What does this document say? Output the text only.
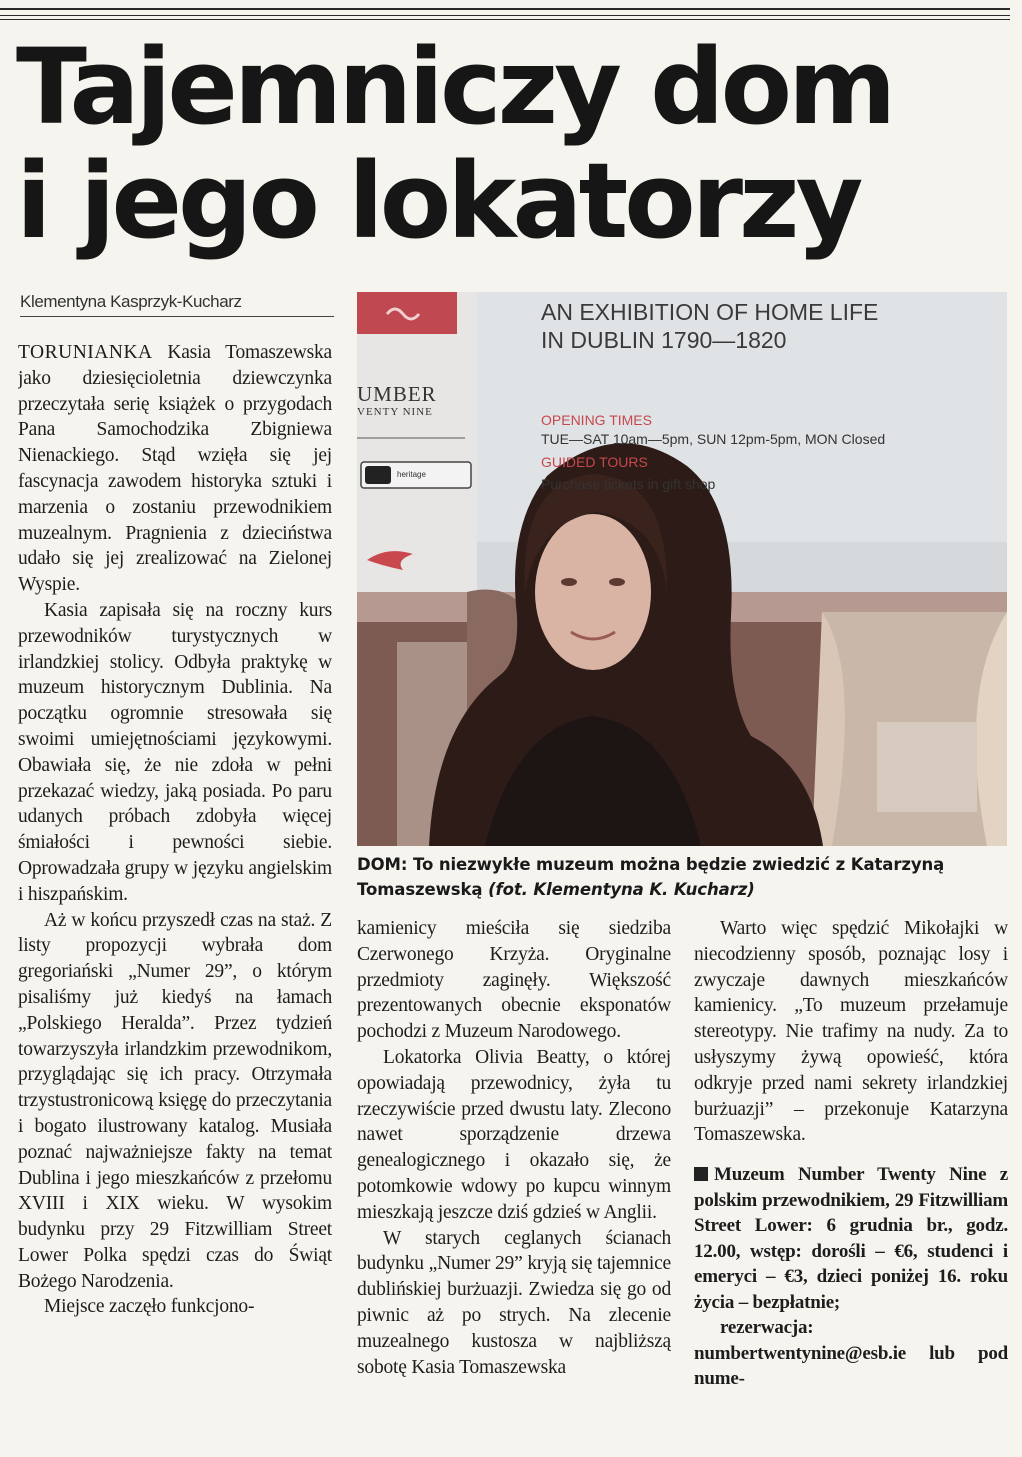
Tajemniczy dom
i jego lokatorzy
Klementyna Kasprzyk-Kucharz

TORUNIANKA Kasia Tomaszewska jako dziesięcioletnia dziewczynka przeczytała serię książek o przygodach Pana Samochodzika Zbigniewa Nienackiego. Stąd wzięła się jej fascynacja zawodem historyka sztuki i marzenia o zostaniu przewodnikiem muzealnym. Pragnienia z dzieciństwa udało się jej zrealizować na Zielonej Wyspie.

Kasia zapisała się na roczny kurs przewodników turystycznych w irlandzkiej stolicy. Odbyła praktykę w muzeum historycznym Dublinia. Na początku ogromnie stresowała się swoimi umiejętnościami językowymi. Obawiała się, że nie zdoła w pełni przekazać wiedzy, jaką posiada. Po paru udanych próbach zdobyła więcej śmiałości i pewności siebie. Oprowadzała grupy w języku angielskim i hiszpańskim.

Aż w końcu przyszedł czas na staż. Z listy propozycji wybrała dom gregoriański „Numer 29”, o którym pisaliśmy już kiedyś na łamach „Polskiego Heralda”. Przez tydzień towarzyszyła irlandzkim przewodnikom, przyglądając się ich pracy. Otrzymała trzystustronicową księgę do przeczytania i bogato ilustrowany katalog. Musiała poznać najważniejsze fakty na temat Dublina i jego mieszkańców z przełomu XVIII i XIX wieku. W wysokim budynku przy 29 Fitzwilliam Street Lower Polka spędzi czas do Świąt Bożego Narodzenia.

Miejsce zaczęło funkcjono-

AN EXHIBITION OF HOME LIFE
IN DUBLIN 1790—1820

OPENING TIMES
TUE—SAT 10am—5pm, SUN 12pm-5pm, MON Closed
GUIDED TOURS
Purchase tickets in gift shop
UMBER
VENTY NINE
heritage
DOM: To niezwykłe muzeum można będzie zwiedzić z Katarzyną Tomaszewską (fot. Klementyna K. Kucharz)

kamienicy mieściła się siedziba Czerwonego Krzyża. Oryginalne przedmioty zaginęły. Większość prezentowanych obecnie eksponatów pochodzi z Muzeum Narodowego.

Lokatorka Olivia Beatty, o której opowiadają przewodnicy, żyła tu rzeczywiście przed dwustu laty. Zlecono nawet sporządzenie drzewa genealogicznego i okazało się, że potomkowie wdowy po kupcu winnym mieszkają jeszcze dziś gdzieś w Anglii.

W starych ceglanych ścianach budynku „Numer 29” kryją się tajemnice dublińskiej burżuazji. Zwiedza się go od piwnic aż po strych. Na zlecenie muzealnego kustosza w najbliższą sobotę Kasia Tomaszewska

Warto więc spędzić Mikołajki w niecodzienny sposób, poznając losy i zwyczaje dawnych mieszkańców kamienicy. „To muzeum przełamuje stereotypy. Nie trafimy na nudy. Za to usłyszymy żywą opowieść, która odkryje przed nami sekrety irlandzkiej burżuazji” – przekonuje Katarzyna Tomaszewska.

Muzeum Number Twenty Nine z polskim przewodnikiem, 29 Fitzwilliam Street Lower: 6 grudnia br., godz. 12.00, wstęp: dorośli – €6, studenci i emeryci – €3, dzieci poniżej 16. roku życia – bezpłatnie;

rezerwacja: numbertwentynine@esb.ie lub pod nume-
